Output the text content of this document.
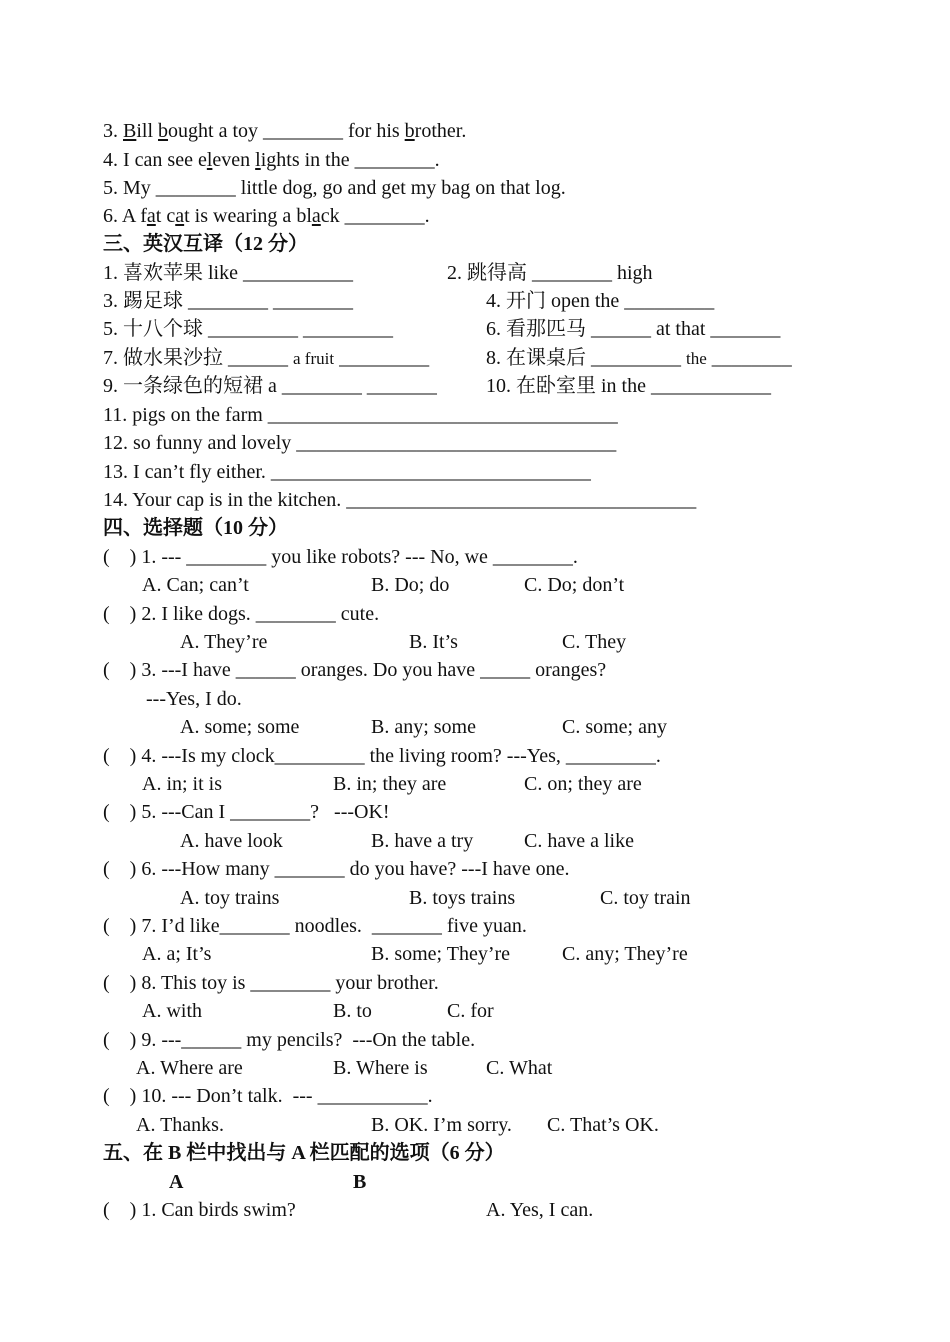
3. Bill bought a toy ________ for his brother.
4. I can see eleven lights in the ________.
5. My ________ little dog, go and get my bag on that log.
6. A fat cat is wearing a black ________.
三、英汉互译（12 分）
1. 喜欢苹果 like ___________	2. 跳得高 ________ high
3. 踢足球 ________ ________	4. 开门 open the _________
5. 十八个球 _________ _________	6. 看那匹马 ______ at that _______
7. 做水果沙拉 ______ a fruit _________	8. 在课桌后 _________ the ________
9. 一条绿色的短裙 a ________ _______ 10. 在卧室里 in the ____________
11. pigs on the farm ___________________________________
12. so funny and lovely ________________________________
13. I can’t fly either. ________________________________
14. Your cap is in the kitchen. ___________________________________
四、选择题（10 分）
(    ) 1. --- ________ you like robots? --- No, we ________.
A. Can; can’t	B. Do; do	C. Do; don’t
(    ) 2. I like dogs. ________ cute.
A. They’re	B. It’s	C. They
(    ) 3. ---I have ______ oranges. Do you have _____ oranges?
---Yes, I do.
A. some; some	B. any; some	C. some; any
(    ) 4. ---Is my clock_________ the living room? ---Yes, _________.
A. in; it is	B. in; they are	C. on; they are
(    ) 5. ---Can I ________?   ---OK!
A. have look	B. have a try	C. have a like
(    ) 6. ---How many _______ do you have? ---I have one.
A. toy trains	B. toys trains	C. toy train
(    ) 7. I’d like_______ noodles.  _______ five yuan.
A. a; It’s	B. some; They’re	C. any; They’re
(    ) 8. This toy is ________ your brother.
A. with	B. to	C. for
(    ) 9. ---______ my pencils?  ---On the table.
A. Where are	B. Where is	C. What
(    ) 10. --- Don’t talk.  --- ___________.
A. Thanks.	B. OK. I’m sorry. C. That’s OK.
五、在 B 栏中找出与 A 栏匹配的选项（6 分）
A	B
(    ) 1. Can birds swim?	A. Yes, I can.
